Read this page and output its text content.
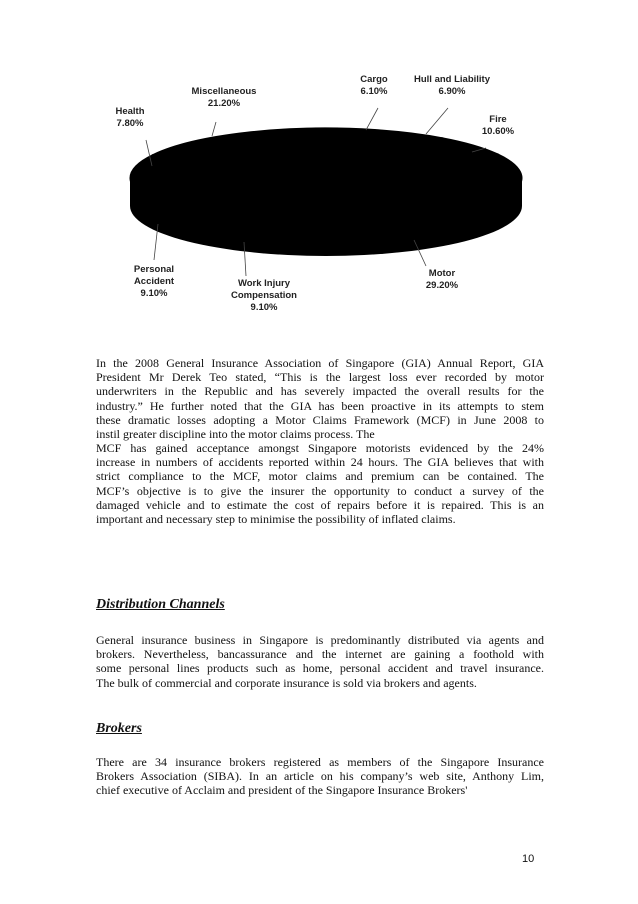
Cargo
6.10%
Hull and Liability
6.90%
Fire
10.60%
Motor
29.20%
Work Injury
Compensation
9.10%
Personal
Accident
9.10%
Health
7.80%
Miscellaneous
21.20%

In the 2008 General Insurance Association of Singapore (GIA) Annual Report, GIA
President Mr Derek Teo stated, “This is the largest loss ever recorded by motor
underwriters in the Republic and has severely impacted the overall results for the
industry.” He further noted that the GIA has been proactive in its attempts to stem
these dramatic losses adopting a Motor Claims Framework (MCF) in June 2008 to
instil greater discipline into the motor claims process. The

MCF has gained acceptance amongst Singapore motorists evidenced by the 24%
increase in numbers of accidents reported within 24 hours. The GIA believes that with
strict compliance to the MCF, motor claims and premium can be contained. The
MCF’s objective is to give the insurer the opportunity to conduct a survey of the
damaged vehicle and to estimate the cost of repairs before it is repaired. This is an
important and necessary step to minimise the possibility of inflated claims.

Distribution Channels

General insurance business in Singapore is predominantly distributed via agents and
brokers. Nevertheless, bancassurance and the internet are gaining a foothold with
some personal lines products such as home, personal accident and travel insurance.
The bulk of commercial and corporate insurance is sold via brokers and agents.

Brokers

There are 34 insurance brokers registered as members of the Singapore Insurance
Brokers Association (SIBA). In an article on his company’s web site, Anthony Lim,
chief executive of Acclaim and president of the Singapore Insurance Brokers'

10
